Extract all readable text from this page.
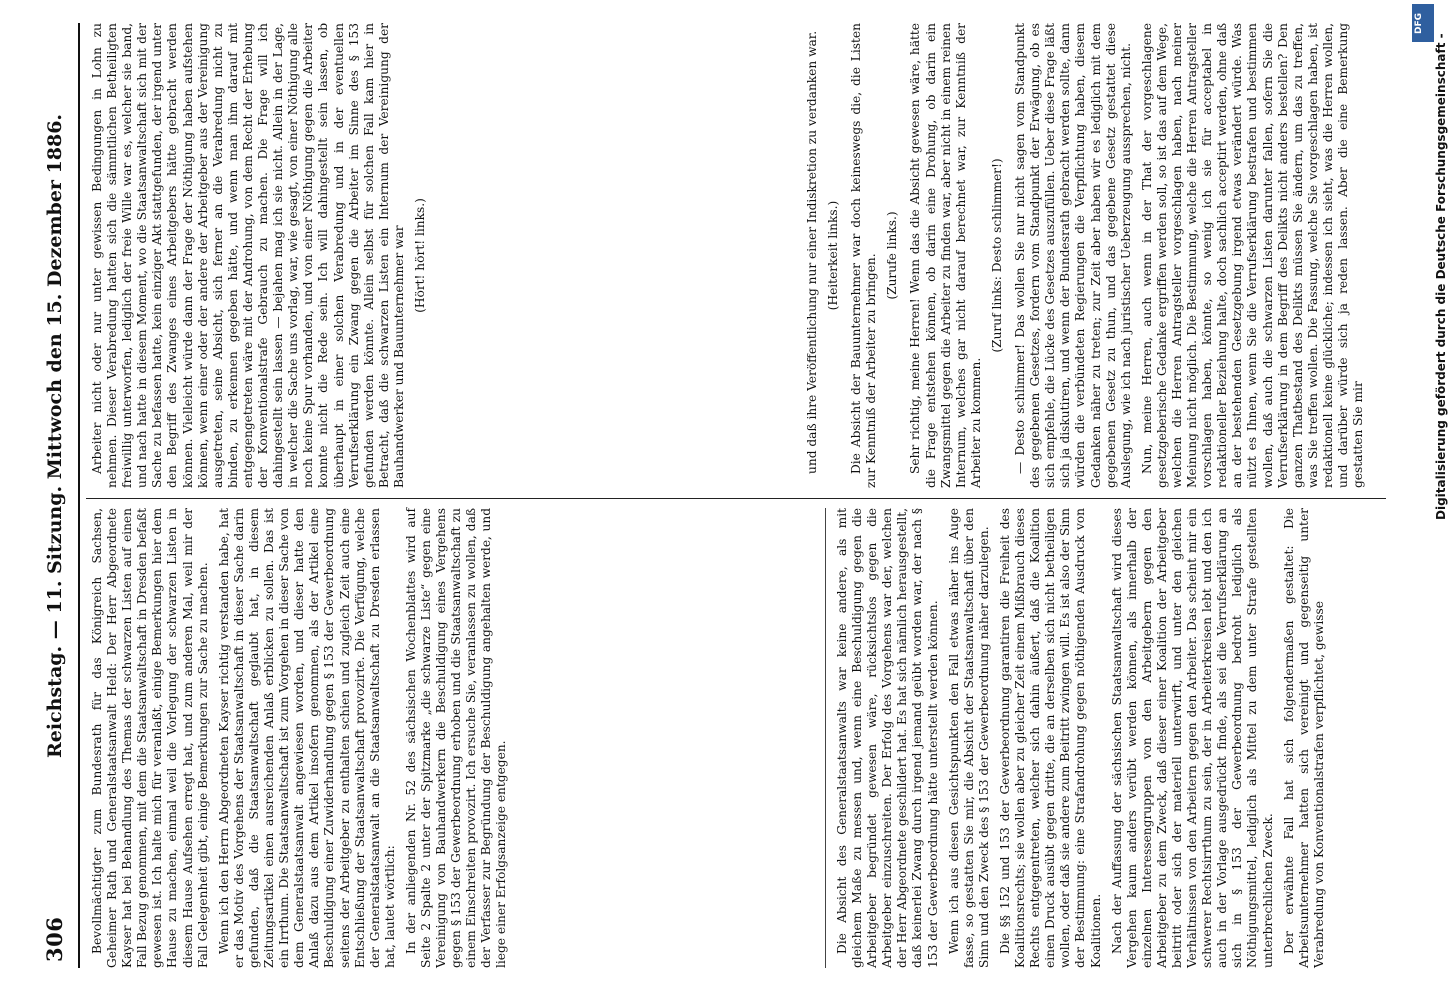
306
Reichstag. — 11. Sitzung. Mittwoch den 15. Dezember 1886. Bevollmächtigter zum Bundesrath für das Königreich Sachsen, Geheimer Rath und Generalstaatsanwalt Held: Der Herr Abgeordnete Kayser hat bei Behandlung des Themas der schwarzen Listen auf einen Fall Bezug genommen, mit dem die Staatsanwaltschaft in Dresden befaßt gewesen ist. Ich halte mich für veranlaßt, einige Bemerkungen hier dem Hause zu machen, einmal weil die Vorlegung der schwarzen Listen in diesem Hause Aufsehen erregt hat, und zum anderen Mal, weil mir der Fall Gelegenheit gibt, einige Bemerkungen zur Sache zu machen. Wenn ich den Herrn Abgeordneten Kayser richtig verstanden habe, hat er das Motiv des Vorgehens der Staatsanwaltschaft in dieser Sache darin gefunden, daß die Staatsanwaltschaft geglaubt hat, in diesem Zeitungsartikel einen ausreichenden Anlaß erblicken zu sollen. Das ist ein Irrthum. Die Staatsanwaltschaft ist zum Vorgehen in dieser Sache von dem Generalstaatsanwalt angewiesen worden, und dieser hatte den Anlaß dazu aus dem Artikel insofern genommen, als der Artikel eine Beschuldigung einer Zuwiderhandlung gegen § 153 der Gewerbeordnung seitens der Arbeitgeber zu enthalten schien und zugleich Zeit auch eine Entschließung der Staatsanwaltschaft provozirte. Die Verfügung, welche der Generalstaatsanwalt an die Staatsanwaltschaft zu Dresden erlassen hat, lautet wörtlich: In der anliegenden Nr. 52 des sächsischen Wochenblattes wird auf Seite 2 Spalte 2 unter der Spitzmarke „die schwarze Liste“ gegen eine Vereinigung von Bauhandwerkern die Beschuldigung eines Vergehens gegen § 153 der Gewerbeordnung erhoben und die Staatsanwaltschaft zu einem Einschreiten provozirt. Ich ersuche Sie, veranlassen zu wollen, daß der Verfasser zur Begründung der Beschuldigung angehalten werde, und liege einer Erfolgsanzeige entgegen.	Die Absicht des Generalstaatsanwalts war keine andere, als mit gleichem Maße zu messen und, wenn eine Beschuldigung gegen die Arbeitgeber begründet gewesen wäre, rücksichtslos gegen die Arbeitgeber einzuschreiten. Der Erfolg des Vorgehens war der, welchen der Herr Abgeordnete geschildert hat. Es hat sich nämlich herausgestellt, daß keinerlei Zwang durch irgend jemand geübt worden war, der nach § 153 der Gewerbeordnung hätte unterstellt werden können. Wenn ich aus diesen Gesichtspunkten den Fall etwas näher ins Auge fasse, so gestatten Sie mir, die Absicht der Staatsanwaltschaft über den Sinn und den Zweck des § 153 der Gewerbeordnung näher darzulegen. Die §§ 152 und 153 der Gewerbeordnung garantiren die Freiheit des Koalitionsrechts; sie wollen aber zu gleicher Zeit einem Mißbrauch dieses Rechts entgegentreten, welcher sich dahin äußert, daß die Koalition einen Druck ausübt gegen dritte, die an derselben sich nicht betheiligen wollen, oder daß sie andere zum Beitritt zwingen will. Es ist also der Sinn der Bestimmung: eine Strafandrohung gegen nöthigenden Ausdruck von Koalitionen. Nach der Auffassung der sächsischen Staatsanwaltschaft wird dieses Vergehen kaum anders verübt werden können, als innerhalb der einzelnen Interessengruppen von den Arbeitgebern gegen den Arbeitgeber zu dem Zweck, daß dieser einer Koalition der Arbeitgeber beitritt oder sich der materiell unterwirft, und unter den gleichen Verhältnissen von den Arbeitern gegen den Arbeiter. Das scheint mir ein schwerer Rechtsirrthum zu sein, der in Arbeiterkreisen lebt und den ich auch in der Vorlage ausgedrückt finde, als sei die Verrufserklärung an sich in § 153 der Gewerbeordnung bedroht lediglich als Nöthigungsmittel, lediglich als Mittel zu dem unter Strafe gestellten unterbrechlichen Zweck. Der erwähnte Fall hat sich folgendermaßen gestaltet: Die Arbeitsunternehmer hatten sich vereinigt und gegenseitig unter Verabredung von Konventionalstrafen verpflichtet, gewisse

Arbeiter nicht oder nur unter gewissen Bedingungen in Lohn zu nehmen. Dieser Verabredung hatten sich die sämmtlichen Betheiligten freiwillig unterworfen, lediglich der freie Wille war es, welcher sie band, und nach hatte in diesem Moment, wo die Staatsanwaltschaft sich mit der Sache zu befassen hatte, kein einziger Akt stattgefunden, der irgend unter den Begriff des Zwanges eines Arbeitgebers hätte gebracht werden können. Vielleicht würde dann der Frage der Nöthigung haben aufstehen können, wenn einer oder der andere der Arbeitgeber aus der Vereinigung ausgetreten, seine Absicht, sich ferner an die Verabredung nicht zu binden, zu erkennen gegeben hätte, und wenn man ihm darauf mit entgegengetreten wäre mit der Androhung, von dem Recht der Erhebung der Konventionalstrafe Gebrauch zu machen. Die Frage will ich dahingestellt sein lassen — bejahen mag ich sie nicht. Allein in der Lage, in welcher die Sache uns vorlag, war, wie gesagt, von einer Nöthigung alle noch keine Spur vorhanden, und von einer Nöthigung gegen die Arbeiter konnte nicht die Rede sein. Ich will dahingestellt sein lassen, ob überhaupt in einer solchen Verabredung und in der eventuellen Verrufserklärung ein Zwang gegen die Arbeiter im Sinne des § 153 gefunden werden könnte. Allein selbst für solchen Fall kam hier in Betracht, daß die schwarzen Listen ein Internum der Vereinigung der Bauhandwerker und Bauunternehmer war (Hört! hört! links.)	und daß ihre Veröffentlichung nur einer Indiskretion zu verdanken war. (Heiterkeit links.) Die Absicht der Bauunternehmer war doch keineswegs die, die Listen zur Kenntniß der Arbeiter zu bringen. (Zurufe links.) Sehr richtig, meine Herren! Wenn das die Absicht gewesen wäre, hätte die Frage entstehen können, ob darin eine Drohung, ob darin ein Zwangsmittel gegen die Arbeiter zu finden war, aber nicht in einem reinen Internum, welches gar nicht darauf berechnet war, zur Kenntniß der Arbeiter zu kommen.

(Zuruf links: Desto schlimmer!) — Desto schlimmer! Das wollen Sie nur nicht sagen vom Standpunkt des gegebenen Gesetzes, fordern vom Standpunkt der Erwägung, ob es sich empfehle, die Lücke des Gesetzes auszufüllen. Ueber diese Frage läßt sich ja diskutiren, und wenn der Bundesrath gebracht werden sollte, dann würden die verbündeten Regierungen die Verpflichtung haben, diesem Gedanken näher zu treten; zur Zeit aber haben wir es lediglich mit dem gegebenen Gesetz zu thun, und das gegebene Gesetz gestattet diese Auslegung, wie ich nach juristischer Ueberzeugung aussprechen, nicht. Nun, meine Herren, auch wenn in der That der vorgeschlagene gesetzgeberische Gedanke ergriffen werden soll, so ist das auf dem Wege, welchen die Herren Antragsteller vorgeschlagen haben, nach meiner Meinung nicht möglich. Die Bestimmung, welche die Herren Antragsteller vorschlagen haben, könnte, so wenig ich sie für acceptabel in redaktioneller Beziehung halte, doch sachlich acceptirt werden, ohne daß an der bestehenden Gesetzgebung irgend etwas verändert würde. Was nützt es Ihnen, wenn Sie die Verrufserklärung bestrafen und bestimmen wollen, daß auch die schwarzen Listen darunter fallen, sofern Sie die Verrufserklärung in dem Begriff des Delikts nicht anders bestellen? Den ganzen Thatbestand des Delikts müssen Sie ändern, um das zu treffen, was Sie treffen wollen. Die Fassung, welche Sie vorgeschlagen haben, ist redaktionell keine glückliche; indessen ich sieht, was die Herren wollen, und darüber würde sich ja reden lassen. Aber die eine Bemerkung gestatten Sie mir	Digitalisierung gefördert durch die Deutsche Forschungsgemeinschaft -
DFG
